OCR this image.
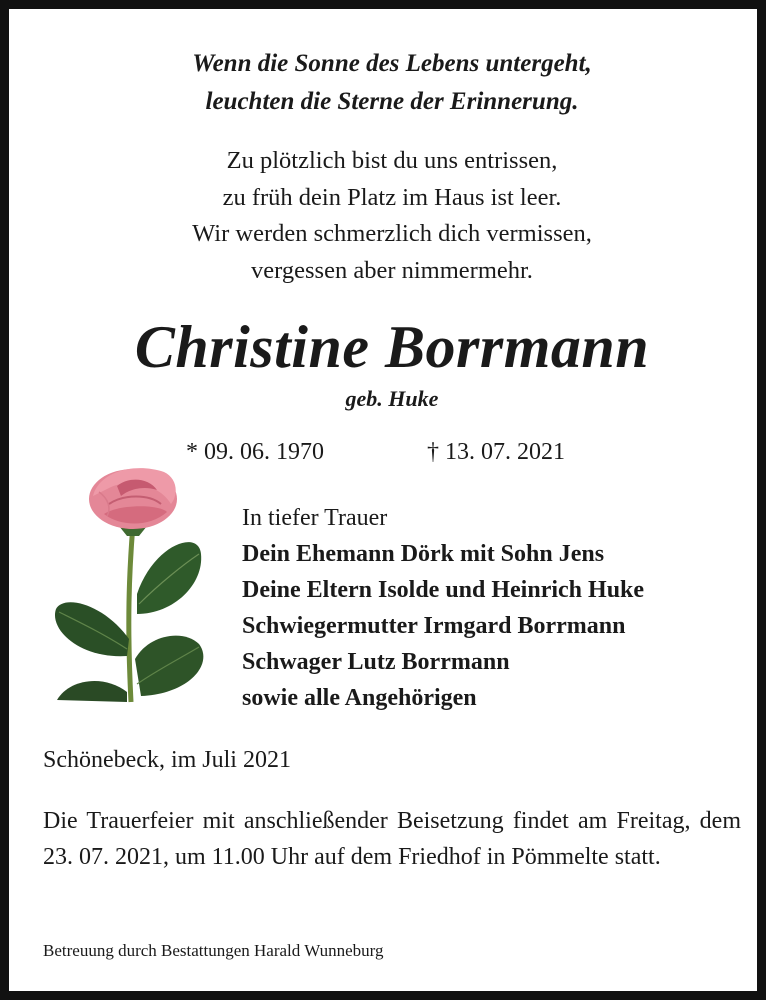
Wenn die Sonne des Lebens untergeht,
leuchten die Sterne der Erinnerung.
Zu plötzlich bist du uns entrissen,
zu früh dein Platz im Haus ist leer.
Wir werden schmerzlich dich vermissen,
vergessen aber nimmermehr.
Christine Borrmann
geb. Huke
* 09. 06. 1970	† 13. 07. 2021
In tiefer Trauer
Dein Ehemann Dörk mit Sohn Jens
Deine Eltern Isolde und Heinrich Huke
Schwiegermutter Irmgard Borrmann
Schwager Lutz Borrmann
sowie alle Angehörigen
Schönebeck, im Juli 2021
Die Trauerfeier mit anschließender Beisetzung findet am Freitag, dem 23. 07. 2021, um 11.00 Uhr auf dem Friedhof in Pömmelte statt.
Betreuung durch Bestattungen Harald Wunneburg
